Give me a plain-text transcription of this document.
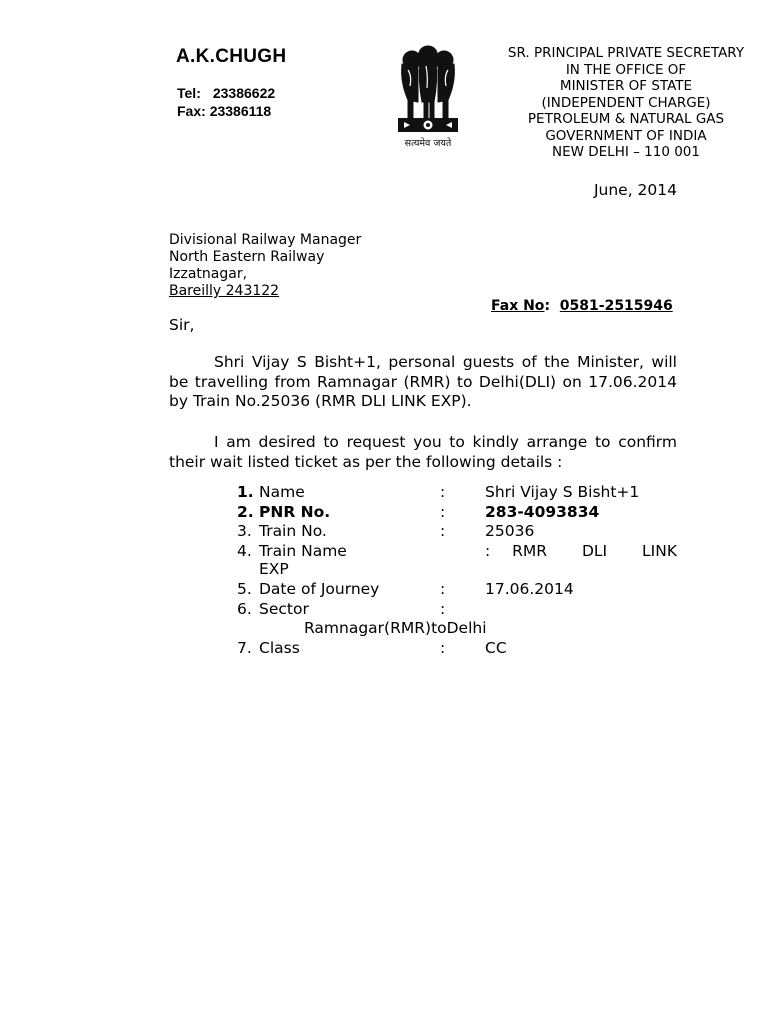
A.K.CHUGH
Tel: 23386622
Fax: 23386118
सत्यमेव जयते
SR. PRINCIPAL PRIVATE SECRETARY
IN THE OFFICE OF
MINISTER OF STATE
(INDEPENDENT CHARGE)
PETROLEUM & NATURAL GAS
GOVERNMENT OF INDIA
NEW DELHI – 110 001
June, 2014
Divisional Railway Manager
North Eastern Railway
Izzatnagar,
Bareilly 243122
Fax No:  0581-2515946
Sir,

Shri Vijay S Bisht+1, personal guests of the Minister, will be travelling from Ramnagar (RMR) to Delhi(DLI) on 17.06.2014 by Train No.25036 (RMR DLI LINK EXP).

I am desired to request you to kindly arrange to confirm their wait listed ticket as per the following details :

1. Name	:	Shri Vijay S Bisht+1
2. PNR No.	:	283-4093834
3. Train No.	:	25036
4. Train Name	: RMR DLI LINK
EXP
5. Date of Journey	:	17.06.2014
6. Sector	:
Ramnagar(RMR)toDelhi
7. Class	:	CC
